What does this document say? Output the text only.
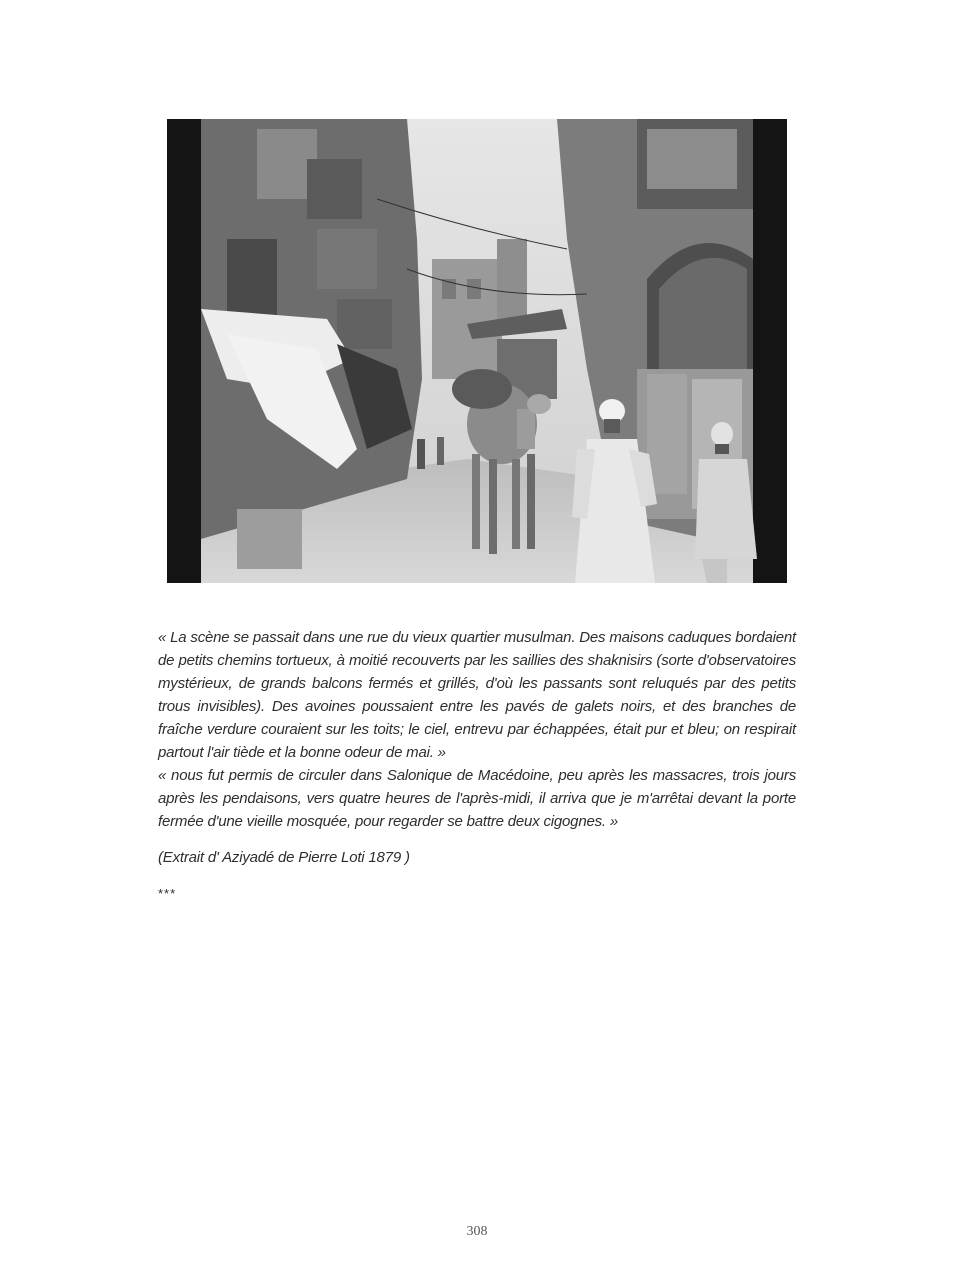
« La scène se passait dans une rue du vieux quartier musulman. Des maisons caduques bordaient de petits chemins tortueux, à moitié recouverts par les saillies des shaknisirs (sorte d'observatoires mystérieux, de grands balcons fermés et grillés, d'où les passants sont reluqués par des petits trous invisibles). Des avoines poussaient entre les pavés de galets noirs, et des branches de fraîche verdure couraient sur les toits; le ciel, entrevu par échappées, était pur et bleu; on respirait partout l'air tiède et la bonne odeur de mai. »

« nous fut permis de circuler dans Salonique de Macédoine, peu après les massacres, trois jours après les pendaisons, vers quatre heures de l'après-midi, il arriva que je m'arrêtai devant la porte fermée d'une vieille mosquée, pour regarder se battre deux cigognes. »

(Extrait d' Aziyadé de Pierre Loti 1879 )

***

308
